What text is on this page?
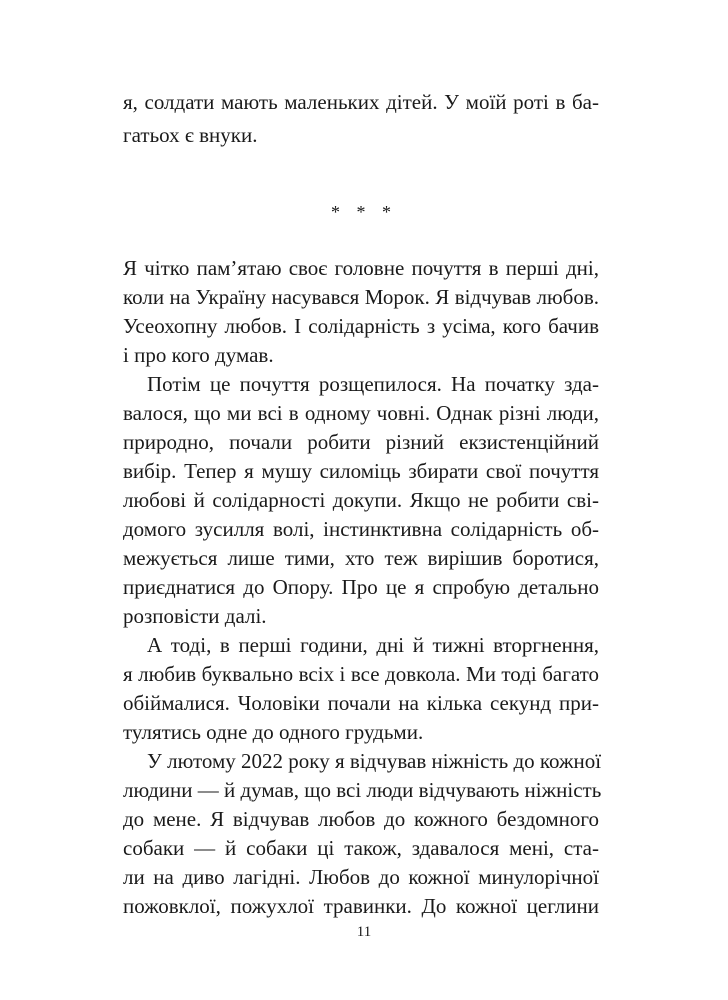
я, солдати мають маленьких дітей. У моїй роті в ба-
гатьох є внуки.
* * *
Я чітко пам’ятаю своє головне почуття в перші дні,
коли на Україну насувався Морок. Я відчував любов.
Усеохопну любов. І солідарність з усіма, кого бачив
і про кого думав.
Потім це почуття розщепилося. На початку зда-
валося, що ми всі в одному човні. Однак різні люди,
природно, почали робити різний екзистенційний
вибір. Тепер я мушу силоміць збирати свої почуття
любові й солідарності докупи. Якщо не робити сві-
домого зусилля волі, інстинктивна солідарність об-
межується лише тими, хто теж вирішив боротися,
приєднатися до Опору. Про це я спробую детально
розповісти далі.
А тоді, в перші години, дні й тижні вторгнення,
я любив буквально всіх і все довкола. Ми тоді багато
обіймалися. Чоловіки почали на кілька секунд при-
тулятись одне до одного грудьми.
У лютому 2022 року я відчував ніжність до кожної
людини — й думав, що всі люди відчувають ніжність
до мене. Я відчував любов до кожного бездомного
собаки — й собаки ці також, здавалося мені, ста-
ли на диво лагідні. Любов до кожної минулорічної
пожовклої, пожухлої травинки. До кожної цеглини
11
